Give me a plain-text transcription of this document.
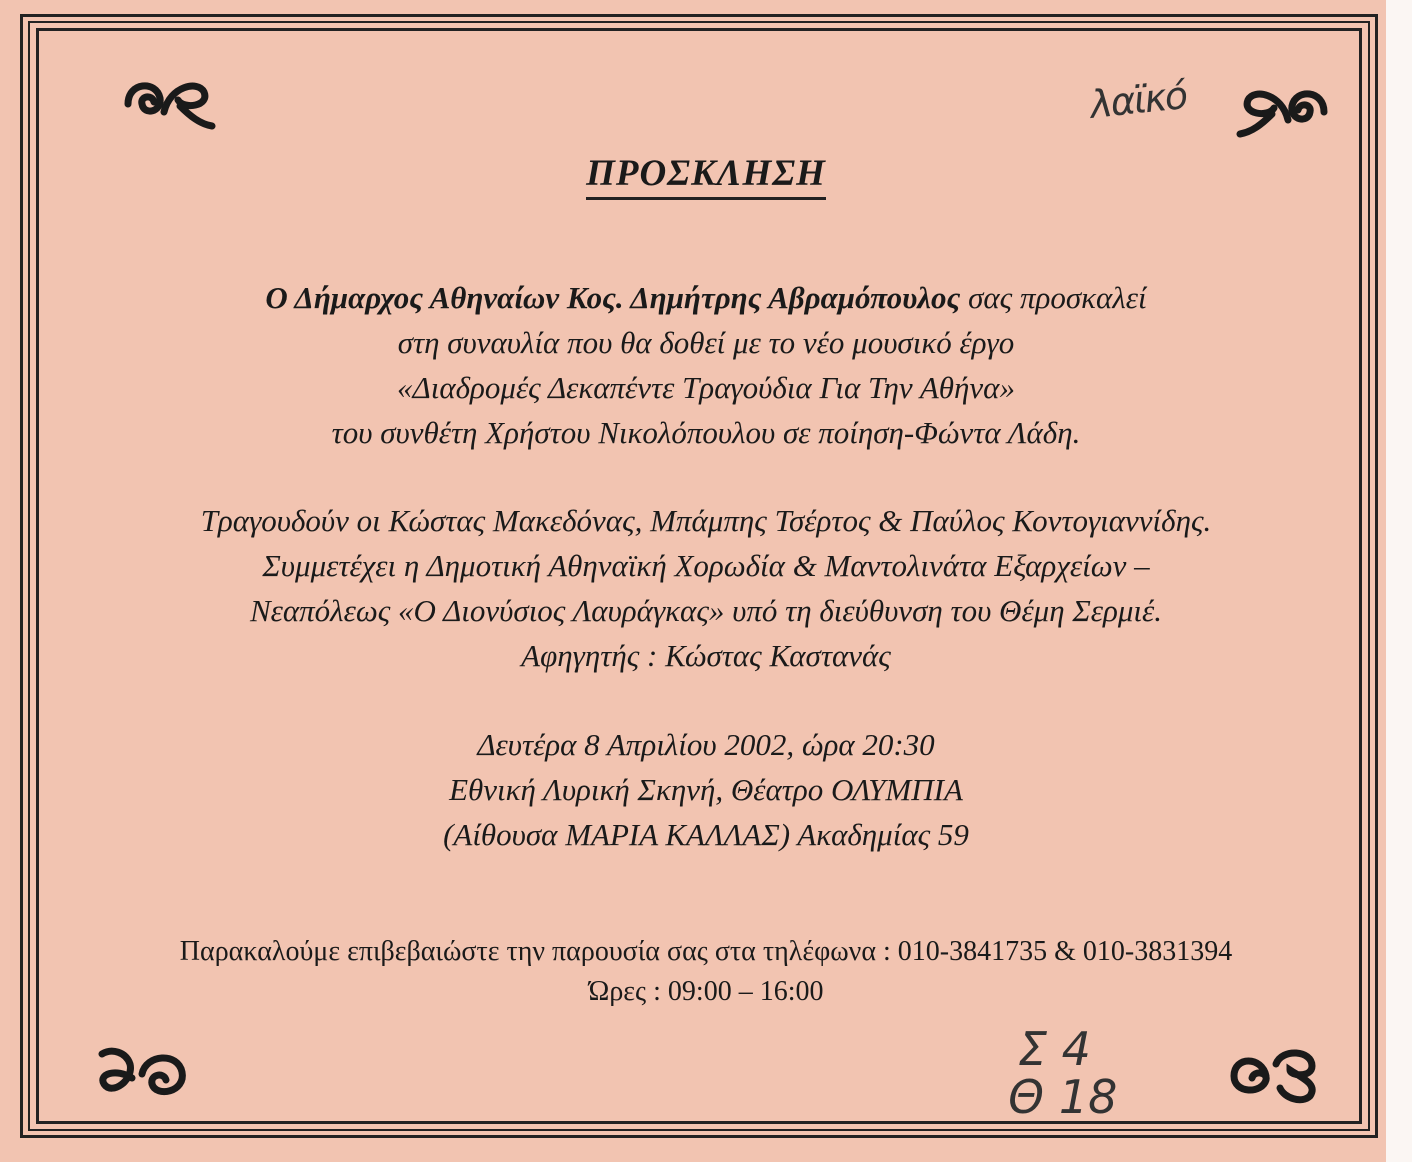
ΠΡΟΣΚΛΗΣΗ
Ο Δήμαρχος Αθηναίων Κος. Δημήτρης Αβραμόπουλος σας προσκαλεί
στη συναυλία που θα δοθεί με το νέο μουσικό έργο
«Διαδρομές Δεκαπέντε Τραγούδια Για Την Αθήνα»
του συνθέτη Χρήστου Νικολόπουλου σε ποίηση-Φώντα Λάδη.
Τραγουδούν οι Κώστας Μακεδόνας, Μπάμπης Τσέρτος & Παύλος Κοντογιαννίδης.
Συμμετέχει η Δημοτική Αθηναϊκή Χορωδία & Μαντολινάτα Εξαρχείων –
Νεαπόλεως «Ο Διονύσιος Λαυράγκας» υπό τη διεύθυνση του Θέμη Σερμιέ.
Αφηγητής : Κώστας Καστανάς
Δευτέρα 8 Απριλίου 2002, ώρα 20:30
Εθνική Λυρική Σκηνή, Θέατρο ΟΛΥΜΠΙΑ
(Αίθουσα ΜΑΡΙΑ ΚΑΛΛΑΣ) Ακαδημίας 59
Παρακαλούμε επιβεβαιώστε την παρουσία σας στα τηλέφωνα : 010-3841735 & 010-3831394
Ώρες : 09:00 – 16:00
λαϊκό
Σ 4
Θ 18
